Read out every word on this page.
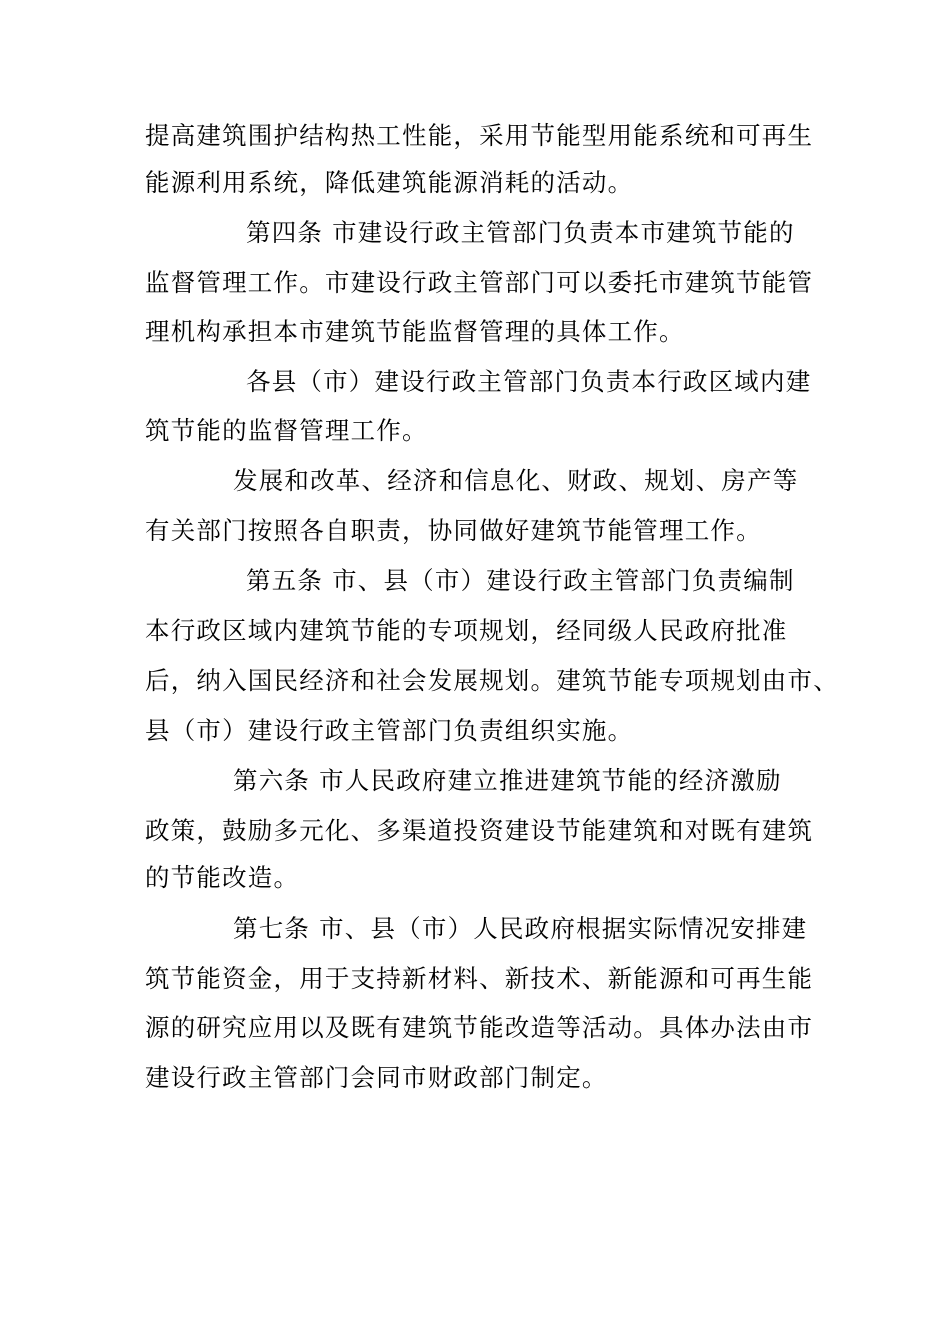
提高建筑围护结构热工性能，采用节能型用能系统和可再生
能源利用系统，降低建筑能源消耗的活动。
第四条 市建设行政主管部门负责本市建筑节能的
监督管理工作。市建设行政主管部门可以委托市建筑节能管
理机构承担本市建筑节能监督管理的具体工作。
各县（市）建设行政主管部门负责本行政区域内建
筑节能的监督管理工作。
发展和改革、经济和信息化、财政、规划、房产等
有关部门按照各自职责，协同做好建筑节能管理工作。
第五条 市、县（市）建设行政主管部门负责编制
本行政区域内建筑节能的专项规划，经同级人民政府批准
后，纳入国民经济和社会发展规划。建筑节能专项规划由市、
县（市）建设行政主管部门负责组织实施。
第六条 市人民政府建立推进建筑节能的经济激励
政策，鼓励多元化、多渠道投资建设节能建筑和对既有建筑
的节能改造。
第七条 市、县（市）人民政府根据实际情况安排建
筑节能资金，用于支持新材料、新技术、新能源和可再生能
源的研究应用以及既有建筑节能改造等活动。具体办法由市
建设行政主管部门会同市财政部门制定。
